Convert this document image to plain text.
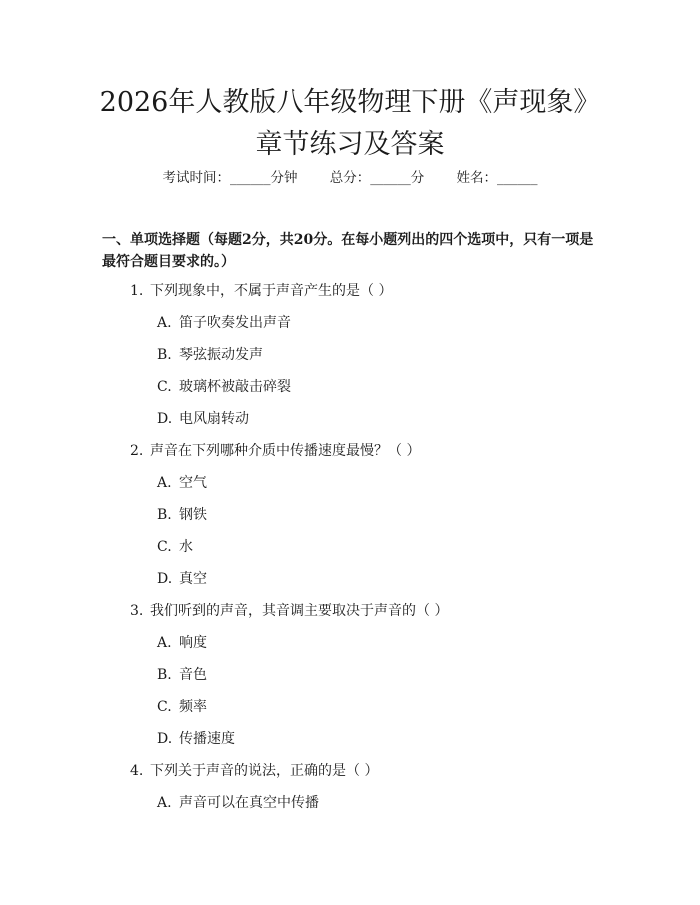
2026年人教版八年级物理下册《声现象》章节练习及答案
考试时间：______分钟 总分：______分 姓名：______
一、单项选择题（每题2分，共20分。在每小题列出的四个选项中，只有一项是最符合题目要求的。）
1. 下列现象中，不属于声音产生的是（ ）
A. 笛子吹奏发出声音
B. 琴弦振动发声
C. 玻璃杯被敲击碎裂
D. 电风扇转动
2. 声音在下列哪种介质中传播速度最慢？（ ）
A. 空气
B. 钢铁
C. 水
D. 真空
3. 我们听到的声音，其音调主要取决于声音的（ ）
A. 响度
B. 音色
C. 频率
D. 传播速度
4. 下列关于声音的说法，正确的是（ ）
A. 声音可以在真空中传播
